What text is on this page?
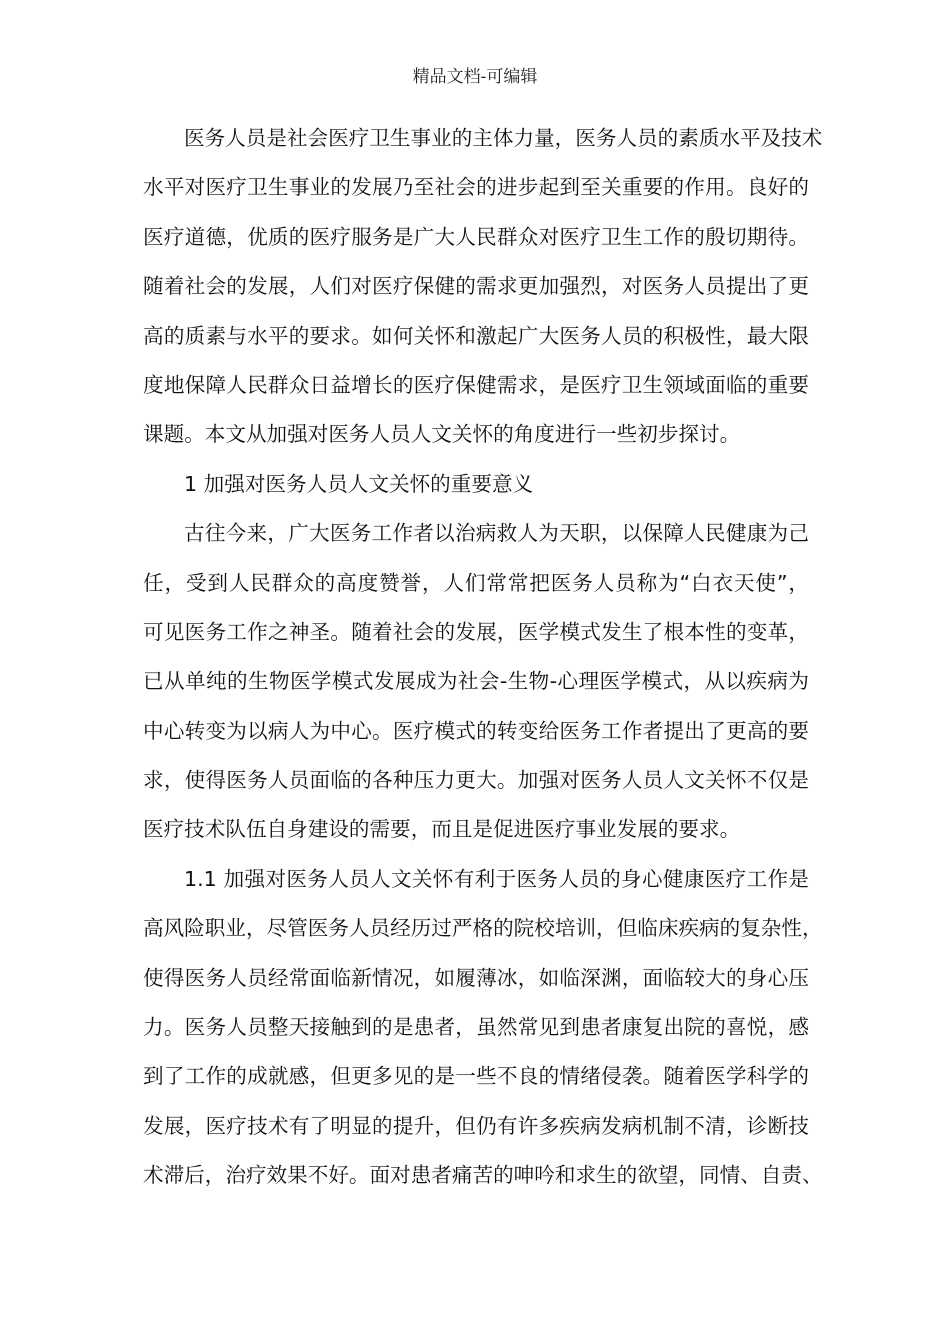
精品文档-可编辑
医务人员是社会医疗卫生事业的主体力量，医务人员的素质水平及技术
水平对医疗卫生事业的发展乃至社会的进步起到至关重要的作用。良好的
医疗道德，优质的医疗服务是广大人民群众对医疗卫生工作的殷切期待。
随着社会的发展，人们对医疗保健的需求更加强烈，对医务人员提出了更
高的质素与水平的要求。如何关怀和激起广大医务人员的积极性，最大限
度地保障人民群众日益增长的医疗保健需求，是医疗卫生领域面临的重要
课题。本文从加强对医务人员人文关怀的角度进行一些初步探讨。
1 加强对医务人员人文关怀的重要意义
古往今来，广大医务工作者以治病救人为天职，以保障人民健康为己
任，受到人民群众的高度赞誉，人们常常把医务人员称为“白衣天使”，
可见医务工作之神圣。随着社会的发展，医学模式发生了根本性的变革，
已从单纯的生物医学模式发展成为社会-生物-心理医学模式，从以疾病为
中心转变为以病人为中心。医疗模式的转变给医务工作者提出了更高的要
求，使得医务人员面临的各种压力更大。加强对医务人员人文关怀不仅是
医疗技术队伍自身建设的需要，而且是促进医疗事业发展的要求。
1.1 加强对医务人员人文关怀有利于医务人员的身心健康医疗工作是
高风险职业，尽管医务人员经历过严格的院校培训，但临床疾病的复杂性，
使得医务人员经常面临新情况，如履薄冰，如临深渊，面临较大的身心压
力。医务人员整天接触到的是患者，虽然常见到患者康复出院的喜悦，感
到了工作的成就感，但更多见的是一些不良的情绪侵袭。随着医学科学的
发展，医疗技术有了明显的提升，但仍有许多疾病发病机制不清，诊断技
术滞后，治疗效果不好。面对患者痛苦的呻吟和求生的欲望，同情、自责、
